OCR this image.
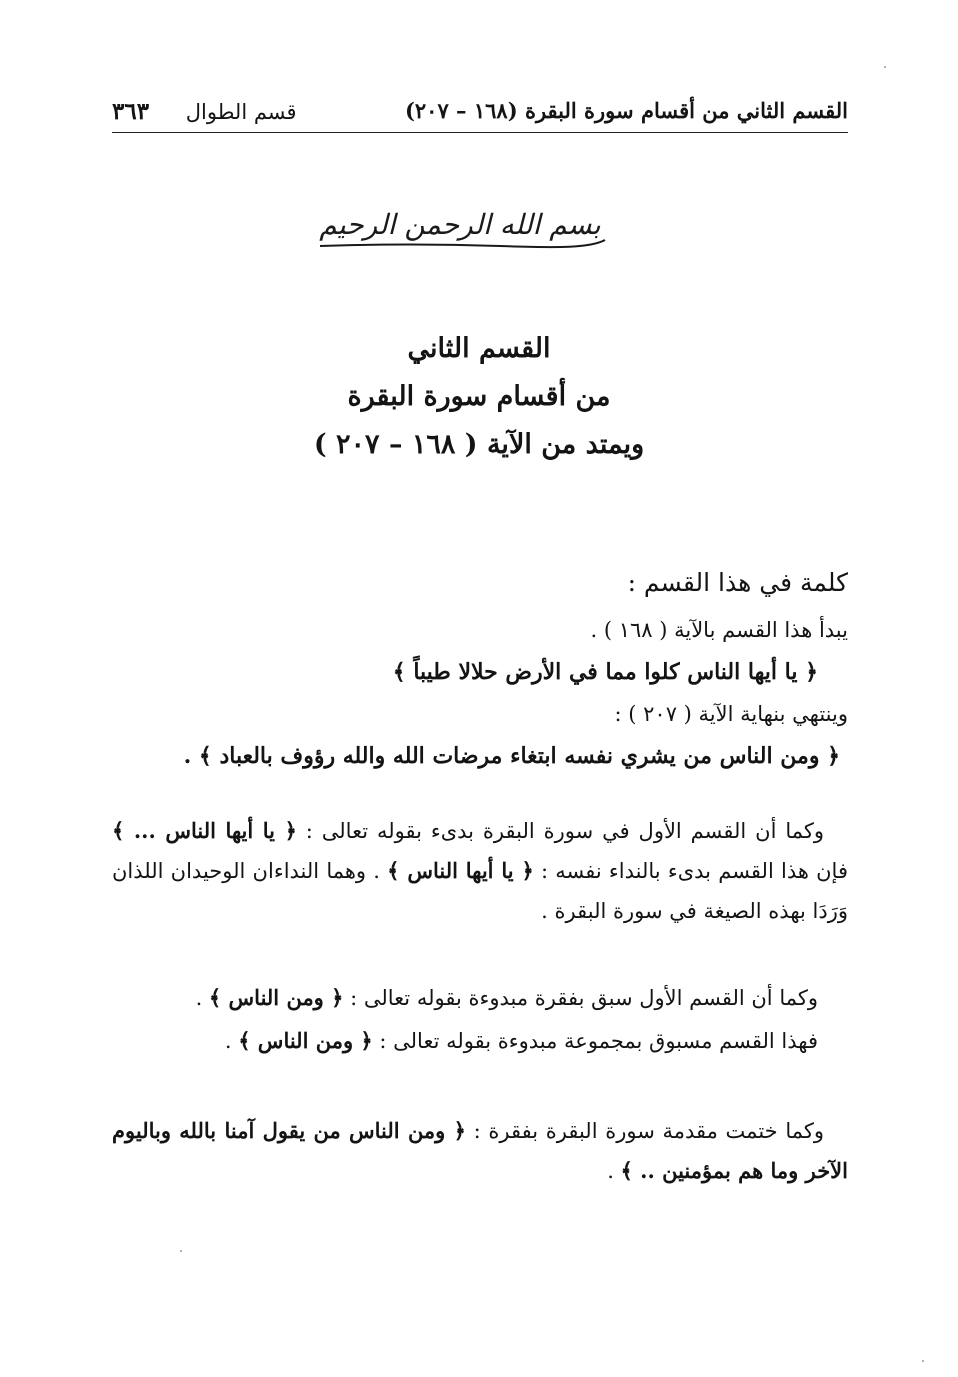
القسم الثاني من أقسام سورة البقرة (١٦٨ – ٢٠٧)
قسم الطوال ٣٦٣
بسم الله الرحمن الرحيم
القسم الثاني
من أقسام سورة البقرة
ويمتد من الآية ( ١٦٨ – ٢٠٧ )

كلمة في هذا القسم :

يبدأ هذا القسم بالآية ( ١٦٨ ) .

﴿ يا أيها الناس كلوا مما في الأرض حلالا طيباً ﴾

وينتهي بنهاية الآية ( ٢٠٧ ) :

﴿ ومن الناس من يشري نفسه ابتغاء مرضات الله والله رؤوف بالعباد ﴾ .

وكما أن القسم الأول في سورة البقرة بدىء بقوله تعالى : ﴿ يا أيها الناس ... ﴾ فإن هذا القسم بدىء بالنداء نفسه : ﴿ يا أيها الناس ﴾ . وهما النداءان الوحيدان اللذان وَرَدَا بهذه الصيغة في سورة البقرة .

وكما أن القسم الأول سبق بفقرة مبدوءة بقوله تعالى : ﴿ ومن الناس ﴾ .

فهذا القسم مسبوق بمجموعة مبدوءة بقوله تعالى : ﴿ ومن الناس ﴾ .

وكما ختمت مقدمة سورة البقرة بفقرة : ﴿ ومن الناس من يقول آمنا بالله وباليوم الآخر وما هم بمؤمنين .. ﴾ .
